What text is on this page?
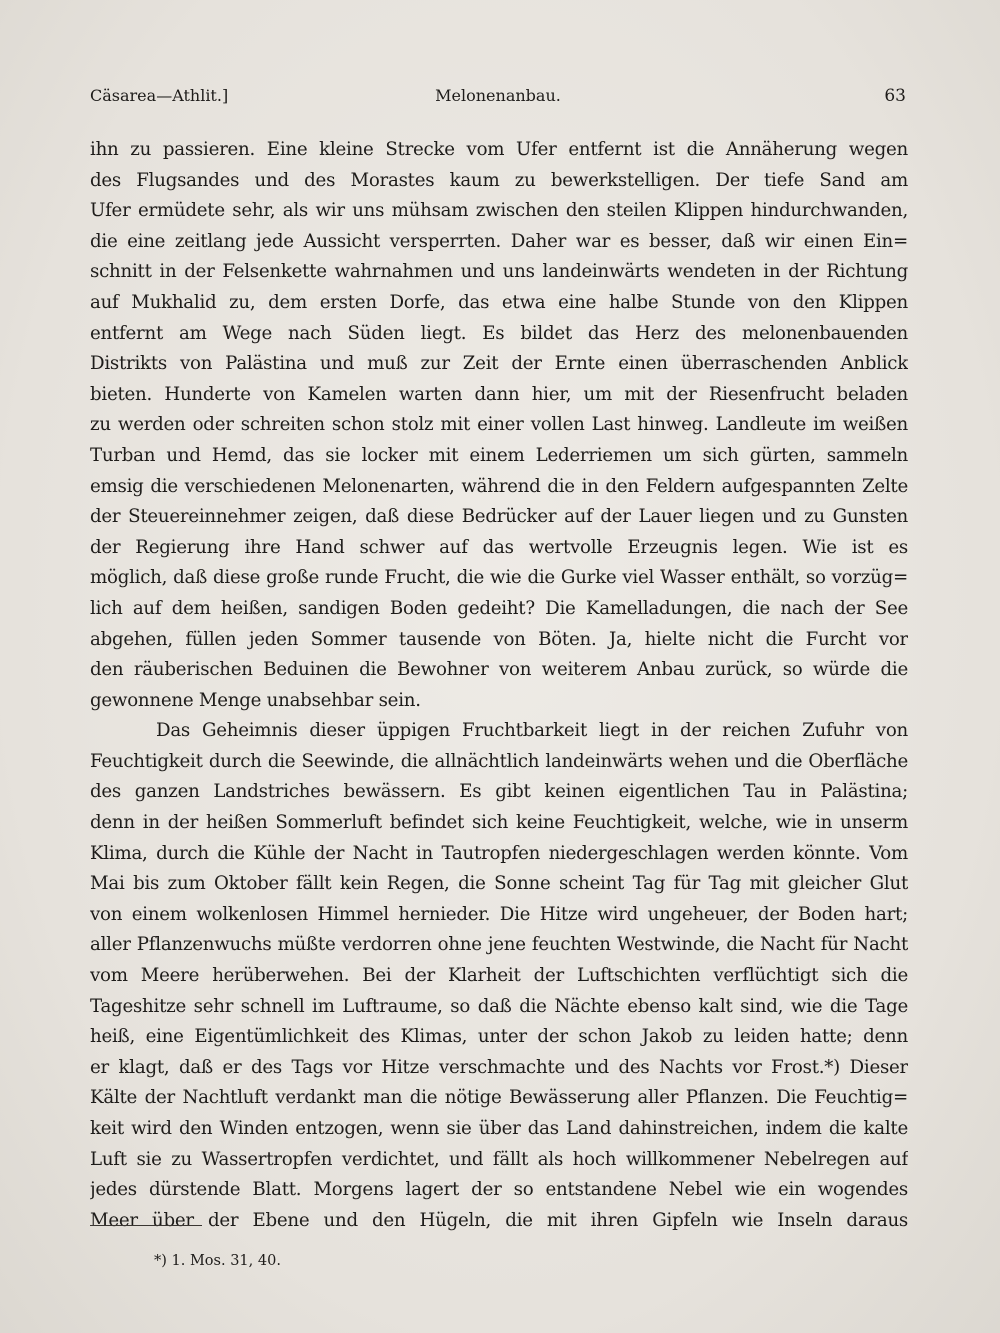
Cäsarea—Athlit.]	Melonenanbau.	63
ihn zu passieren. Eine kleine Strecke vom Ufer entfernt ist die Annäherung wegen
des Flugsandes und des Morastes kaum zu bewerkstelligen. Der tiefe Sand am
Ufer ermüdete sehr, als wir uns mühsam zwischen den steilen Klippen hindurchwanden,
die eine zeitlang jede Aussicht versperrten. Daher war es besser, daß wir einen Ein=
schnitt in der Felsenkette wahrnahmen und uns landeinwärts wendeten in der Richtung
auf Mukhalid zu, dem ersten Dorfe, das etwa eine halbe Stunde von den Klippen
entfernt am Wege nach Süden liegt. Es bildet das Herz des melonenbauenden
Distrikts von Palästina und muß zur Zeit der Ernte einen überraschenden Anblick
bieten. Hunderte von Kamelen warten dann hier, um mit der Riesenfrucht beladen
zu werden oder schreiten schon stolz mit einer vollen Last hinweg. Landleute im weißen
Turban und Hemd, das sie locker mit einem Lederriemen um sich gürten, sammeln
emsig die verschiedenen Melonenarten, während die in den Feldern aufgespannten Zelte
der Steuereinnehmer zeigen, daß diese Bedrücker auf der Lauer liegen und zu Gunsten
der Regierung ihre Hand schwer auf das wertvolle Erzeugnis legen. Wie ist es
möglich, daß diese große runde Frucht, die wie die Gurke viel Wasser enthält, so vorzüg=
lich auf dem heißen, sandigen Boden gedeiht? Die Kamelladungen, die nach der See
abgehen, füllen jeden Sommer tausende von Böten. Ja, hielte nicht die Furcht vor
den räuberischen Beduinen die Bewohner von weiterem Anbau zurück, so würde die
gewonnene Menge unabsehbar sein.
Das Geheimnis dieser üppigen Fruchtbarkeit liegt in der reichen Zufuhr von
Feuchtigkeit durch die Seewinde, die allnächtlich landeinwärts wehen und die Oberfläche
des ganzen Landstriches bewässern. Es gibt keinen eigentlichen Tau in Palästina;
denn in der heißen Sommerluft befindet sich keine Feuchtigkeit, welche, wie in unserm
Klima, durch die Kühle der Nacht in Tautropfen niedergeschlagen werden könnte. Vom
Mai bis zum Oktober fällt kein Regen, die Sonne scheint Tag für Tag mit gleicher Glut
von einem wolkenlosen Himmel hernieder. Die Hitze wird ungeheuer, der Boden hart;
aller Pflanzenwuchs müßte verdorren ohne jene feuchten Westwinde, die Nacht für Nacht
vom Meere herüberwehen. Bei der Klarheit der Luftschichten verflüchtigt sich die
Tageshitze sehr schnell im Luftraume, so daß die Nächte ebenso kalt sind, wie die Tage
heiß, eine Eigentümlichkeit des Klimas, unter der schon Jakob zu leiden hatte; denn
er klagt, daß er des Tags vor Hitze verschmachte und des Nachts vor Frost.*) Dieser
Kälte der Nachtluft verdankt man die nötige Bewässerung aller Pflanzen. Die Feuchtig=
keit wird den Winden entzogen, wenn sie über das Land dahinstreichen, indem die kalte
Luft sie zu Wassertropfen verdichtet, und fällt als hoch willkommener Nebelregen auf
jedes dürstende Blatt. Morgens lagert der so entstandene Nebel wie ein wogendes
Meer über der Ebene und den Hügeln, die mit ihren Gipfeln wie Inseln daraus
*) 1. Mos. 31, 40.
